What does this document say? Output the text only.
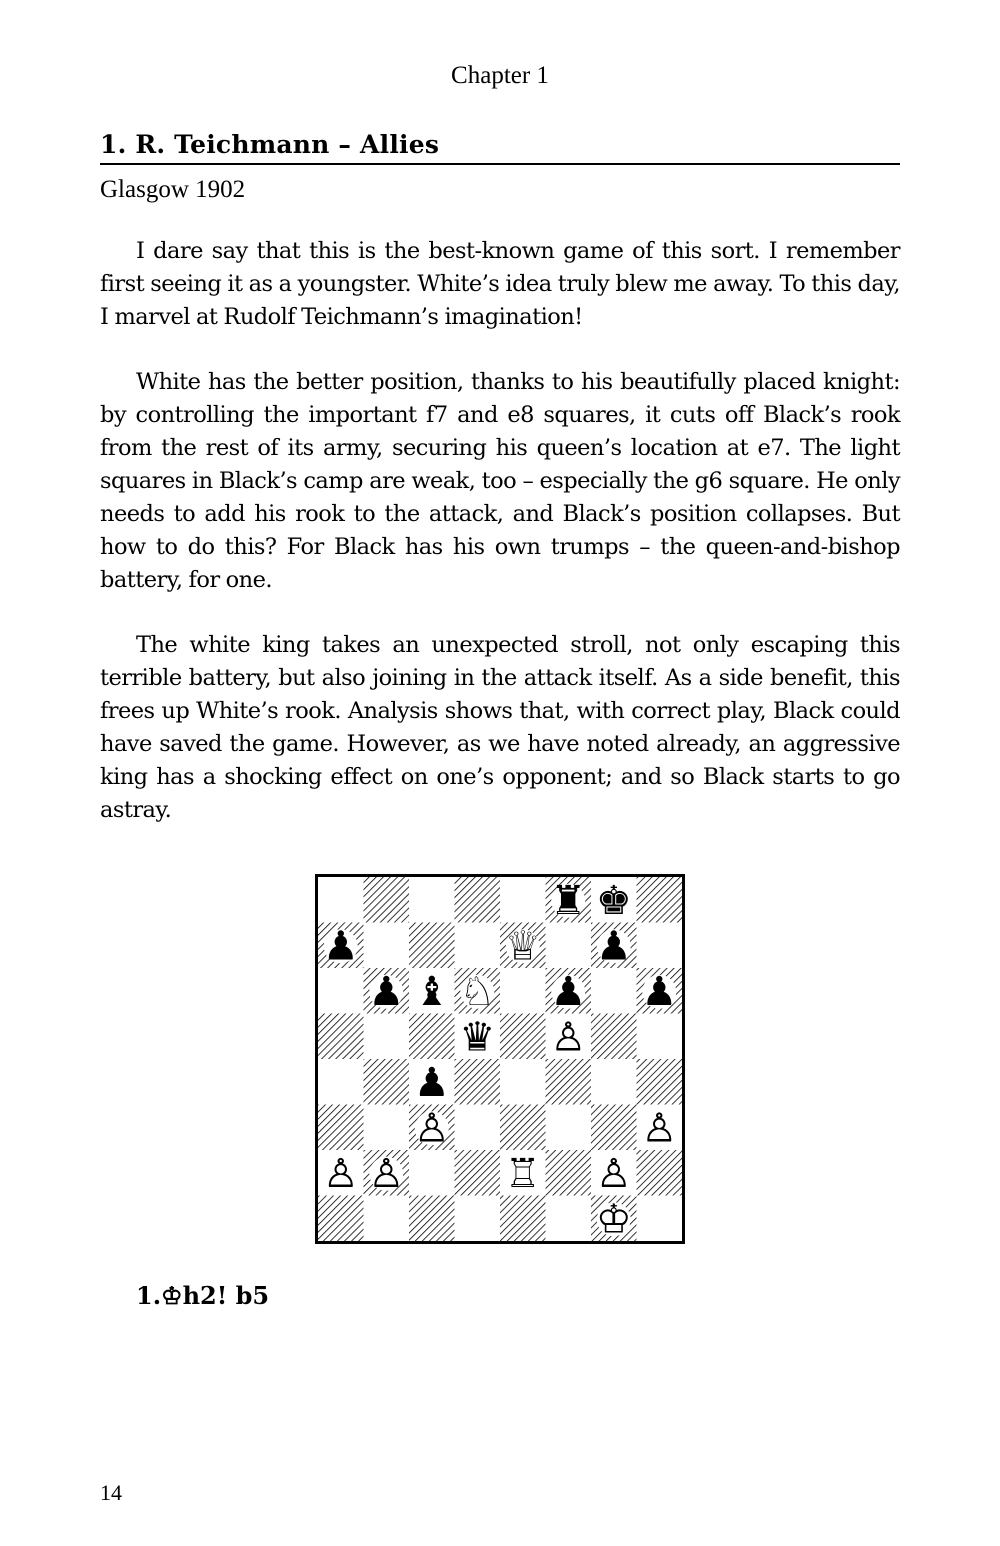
Chapter 1
1. R. Teichmann – Allies
Glasgow 1902

I dare say that this is the best-known game of this sort. I remember first seeing it as a youngster. White’s idea truly blew me away. To this day, I marvel at Rudolf Teichmann’s imagination!

White has the better position, thanks to his beautifully placed knight: by controlling the important f7 and e8 squares, it cuts off Black’s rook from the rest of its army, securing his queen’s location at e7. The light squares in Black’s camp are weak, too – especially the g6 square. He only needs to add his rook to the attack, and Black’s position collapses. But how to do this? For Black has his own trumps – the queen-and-bishop battery, for one.

The white king takes an unexpected stroll, not only escaping this terrible battery, but also joining in the attack itself. As a side benefit, this frees up White’s rook. Analysis shows that, with correct play, Black could have saved the game. However, as we have noted already, an aggressive king has a shocking effect on one’s opponent; and so Black starts to go astray.

♜ ♚
♟	♕ ♟
♟ ♝ ♘ ♟ ♟
♛ ♙
♟
♙	♙
♙ ♙	♖ ♙
♔
1.♔h2! b5
14
